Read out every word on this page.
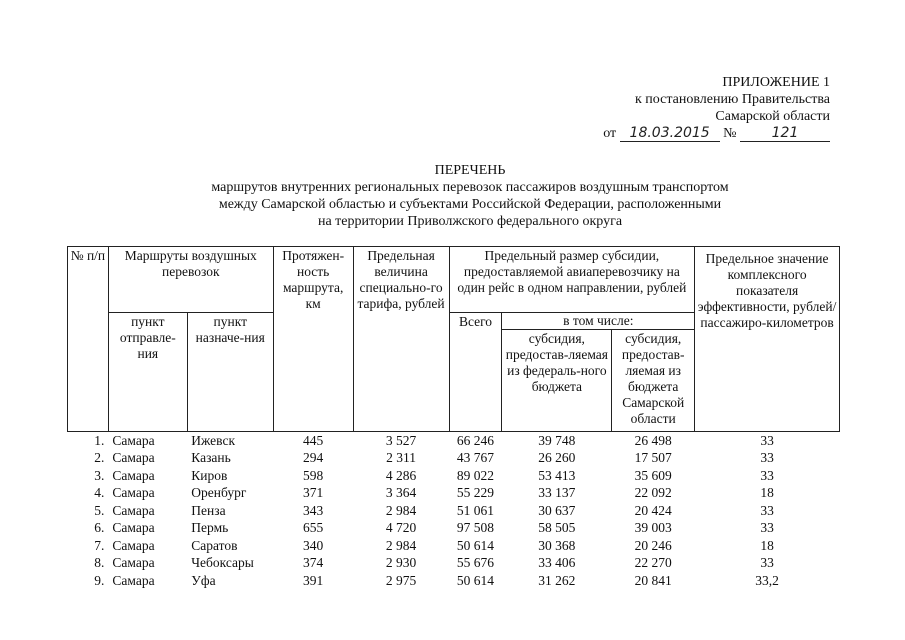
ПРИЛОЖЕНИЕ 1
к постановлению Правительства
Самарской области
от 18.03.2015 №	121
ПЕРЕЧЕНЬ
маршрутов внутренних региональных перевозок пассажиров воздушным транспортом
между Самарской областью и субъектами Российской Федерации, расположенными
на территории Приволжского федерального округа
№ п/п	Маршруты воздушных перевозок		Протяжен-ность маршрута, км	Предельная величина специально-го тарифа, рублей	Предельный размер субсидии, предоставляемой авиаперевозчику на один рейс в одном направлении, рублей			Предельное значение комплексного показателя эффективности, рублей/пассажиро-километров
	пункт отправле-ния	пункт назначе-ния			Всего	в том числе:		
						субсидия, предостав-ляемая из федераль-ного бюджета	субсидия, предостав-ляемая из бюджета Самарской области	
1.	Самара	Ижевск	445	3 527	66 246	39 748	26 498	33
2.	Самара	Казань	294	2 311	43 767	26 260	17 507	33
3.	Самара	Киров	598	4 286	89 022	53 413	35 609	33
4.	Самара	Оренбург	371	3 364	55 229	33 137	22 092	18
5.	Самара	Пенза	343	2 984	51 061	30 637	20 424	33
6.	Самара	Пермь	655	4 720	97 508	58 505	39 003	33
7.	Самара	Саратов	340	2 984	50 614	30 368	20 246	18
8.	Самара	Чебоксары	374	2 930	55 676	33 406	22 270	33
9.	Самара	Уфа	391	2 975	50 614	31 262	20 841	33,2
